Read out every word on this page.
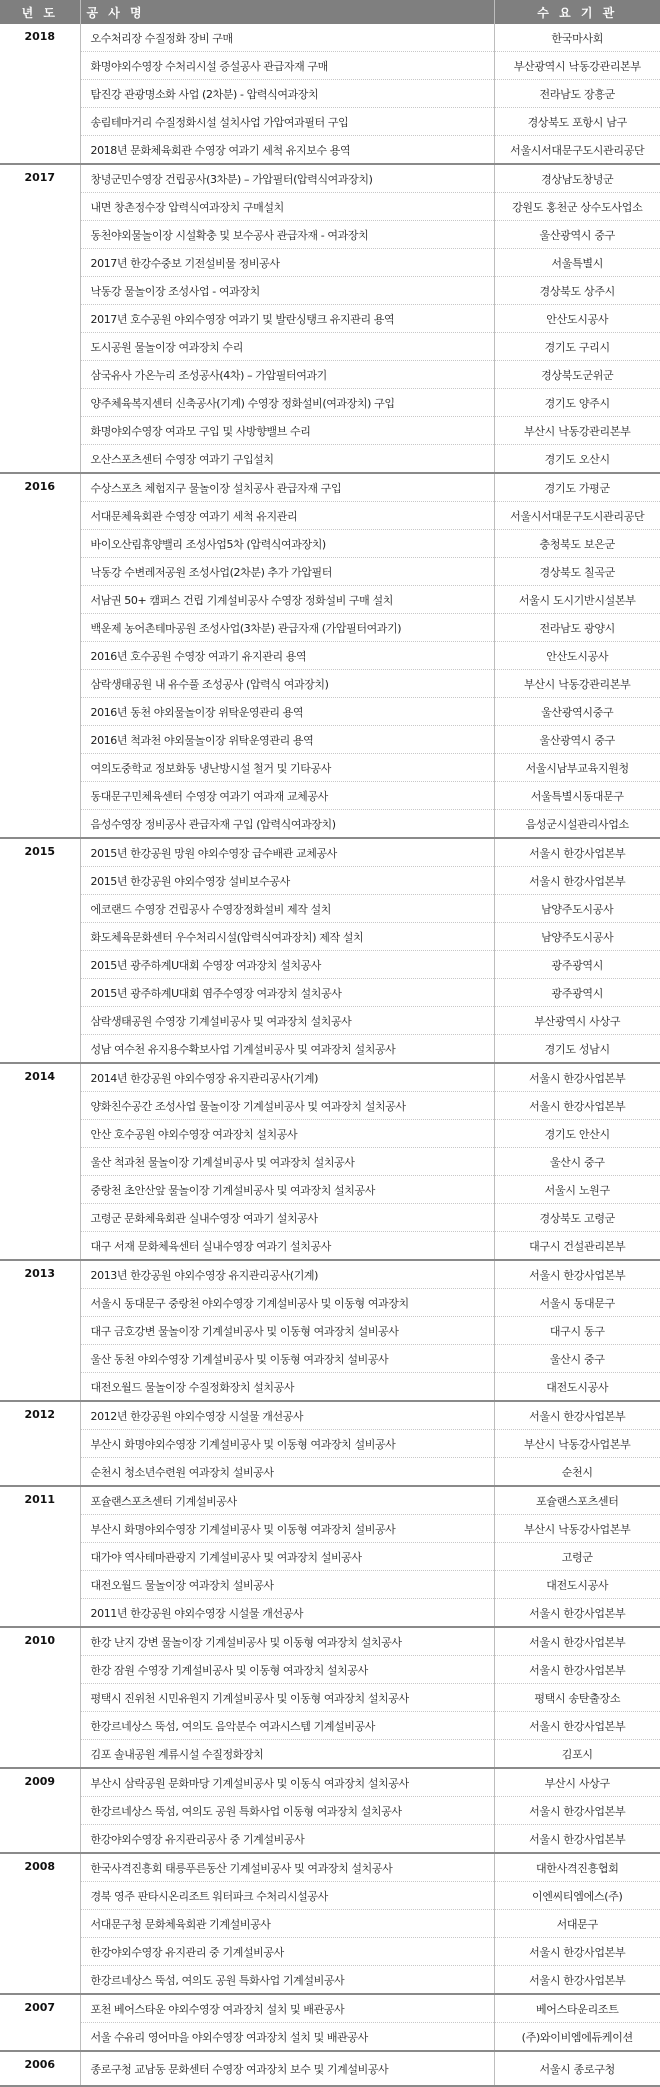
년 도	공 사 명	수 요 기 관
2018	오수처리장 수질정화 장비 구매	한국마사회
	화명야외수영장 수처리시설 증설공사 관급자재 구매	부산광역시 낙동강관리본부
	탐진강 관광명소화 사업 (2차분) - 압력식여과장치	전라남도 장흥군
	송림테마거리 수질정화시설 설치사업 가압여과필터 구입	경상북도 포항시 남구
	2018년 문화체육회관 수영장 여과기 세척 유지보수 용역	서울시서대문구도시관리공단
2017	창녕군민수영장 건립공사(3차분) – 가압필터(압력식여과장치)	경상남도창녕군
	내면 창촌정수장 압력식여과장치 구매설치	강원도 홍천군 상수도사업소
	동천야외물놀이장 시설확충 및 보수공사 관급자재 - 여과장치	울산광역시 중구
	2017년 한강수중보 기전설비물 정비공사	서울특별시
	낙동강 물놀이장 조성사업 - 여과장치	경상북도 상주시
	2017년 호수공원 야외수영장 여과기 및 발란싱탱크 유지관리 용역	안산도시공사
	도시공원 물놀이장 여과장치 수리	경기도 구리시
	삼국유사 가온누리 조성공사(4차) – 가압필터여과기	경상북도군위군
	양주체육복지센터 신축공사(기계) 수영장 정화설비(여과장치) 구입	경기도 양주시
	화명야외수영장 여과모 구입 및 사방향밸브 수리	부산시 낙동강관리본부
	오산스포츠센터 수영장 여과기 구입설치	경기도 오산시
2016	수상스포츠 체험지구 물놀이장 설치공사 관급자재 구입	경기도 가평군
	서대문체육회관 수영장 여과기 세척 유지관리	서울시서대문구도시관리공단
	바이오산림휴양밸리 조성사업5차 (압력식여과장치)	충청북도 보은군
	낙동강 수변레저공원 조성사업(2차분) 추가 가압필터	경상북도 칠곡군
	서남권 50+ 캠퍼스 건립 기계설비공사 수영장 정화설비 구매 설치	서울시 도시기반시설본부
	백운제 농어촌테마공원 조성사업(3차분) 관급자재 (가압필터여과기)	전라남도 광양시
	2016년 호수공원 수영장 여과기 유지관리 용역	안산도시공사
	삼락생태공원 내 유수풀 조성공사 (압력식 여과장치)	부산시 낙동강관리본부
	2016년 동천 야외물놀이장 위탁운영관리 용역	울산광역시중구
	2016년 척과천 야외물놀이장 위탁운영관리 용역	울산광역시 중구
	여의도중학교 정보화동 냉난방시설 철거 및 기타공사	서울시남부교육지원청
	동대문구민체육센터 수영장 여과기 여과재 교체공사	서울특별시동대문구
	음성수영장 정비공사 관급자재 구입 (압력식여과장치)	음성군시설관리사업소
2015	2015년 한강공원 망원 야외수영장 급수배관 교체공사	서울시 한강사업본부
	2015년 한강공원 야외수영장 설비보수공사	서울시 한강사업본부
	에코랜드 수영장 건립공사 수영장정화설비 제작 설치	남양주도시공사
	화도체육문화센터 우수처리시설(압력식여과장치) 제작 설치	남양주도시공사
	2015년 광주하계U대회 수영장 여과장치 설치공사	광주광역시
	2015년 광주하계U대회 염주수영장 여과장치 설치공사	광주광역시
	삼락생태공원 수영장 기계설비공사 및 여과장치 설치공사	부산광역시 사상구
	성남 여수천 유지용수확보사업 기계설비공사 및 여과장치 설치공사	경기도 성남시
2014	2014년 한강공원 야외수영장 유지관리공사(기계)	서울시 한강사업본부
	양화친수공간 조성사업 물놀이장 기계설비공사 및 여과장치 설치공사	서울시 한강사업본부
	안산 호수공원 야외수영장 여과장치 설치공사	경기도 안산시
	울산 척과천 물놀이장 기계설비공사 및 여과장치 설치공사	울산시 중구
	중랑천 초안산앞 물놀이장 기계설비공사 및 여과장치 설치공사	서울시 노원구
	고령군 문화체육회관 실내수영장 여과기 설치공사	경상북도 고령군
	대구 서재 문화체육센터 실내수영장 여과기 설치공사	대구시 건설관리본부
2013	2013년 한강공원 야외수영장 유지관리공사(기계)	서울시 한강사업본부
	서울시 동대문구 중랑천 야외수영장 기계설비공사 및 이동형 여과장치	서울시 동대문구
	대구 금호강변 물놀이장 기계설비공사 및 이동형 여과장치 설비공사	대구시 동구
	울산 동천 야외수영장 기계설비공사 및 이동형 여과장치 설비공사	울산시 중구
	대전오월드 물놀이장 수질정화장치 설치공사	대전도시공사
2012	2012년 한강공원 야외수영장 시설물 개선공사	서울시 한강사업본부
	부산시 화명야외수영장 기계설비공사 및 이동형 여과장치 설비공사	부산시 낙동강사업본부
	순천시 청소년수련원 여과장치 설비공사	순천시
2011	포슐랜스포츠센터 기계설비공사	포슐랜스포츠센터
	부산시 화명야외수영장 기계설비공사 및 이동형 여과장치 설비공사	부산시 낙동강사업본부
	대가야 역사테마관광지 기계설비공사 및 여과장치 설비공사	고령군
	대전오월드 물놀이장 여과장치 설비공사	대전도시공사
	2011년 한강공원 야외수영장 시설물 개선공사	서울시 한강사업본부
2010	한강 난지 강변 물놀이장 기계설비공사 및 이동형 여과장치 설치공사	서울시 한강사업본부
	한강 잠원 수영장 기계설비공사 및 이동형 여과장치 설치공사	서울시 한강사업본부
	평택시 진위천 시민유원지 기계설비공사 및 이동형 여과장치 설치공사	평택시 송탄출장소
	한강르네상스 뚝섬, 여의도 음악분수 여과시스템 기계설비공사	서울시 한강사업본부
	김포 솔내공원 계류시설 수질정화장치	김포시
2009	부산시 삼락공원 문화마당 기계설비공사 및 이동식 여과장치 설치공사	부산시 사상구
	한강르네상스 뚝섬, 여의도 공원 특화사업 이동형 여과장치 설치공사	서울시 한강사업본부
	한강야외수영장 유지관리공사 중 기계설비공사	서울시 한강사업본부
2008	한국사격진흥회 태릉푸른동산 기계설비공사 및 여과장치 설치공사	대한사격진흥협회
	경북 영주 판타시온리조트 워터파크 수처리시설공사	이엔씨티엠에스(주)
	서대문구청 문화체육회관 기계설비공사	서대문구
	한강야외수영장 유지관리 중 기계설비공사	서울시 한강사업본부
	한강르네상스 뚝섬, 여의도 공원 특화사업 기계설비공사	서울시 한강사업본부
2007	포천 베어스타운 야외수영장 여과장치 설치 및 배관공사	베어스타운리조트
	서울 수유리 영어마을 야외수영장 여과장치 설치 및 배관공사	(주)와이비엠에듀케이션
2006	종로구청 교남동 문화센터 수영장 여과장치 보수 및 기계설비공사	서울시 종로구청
